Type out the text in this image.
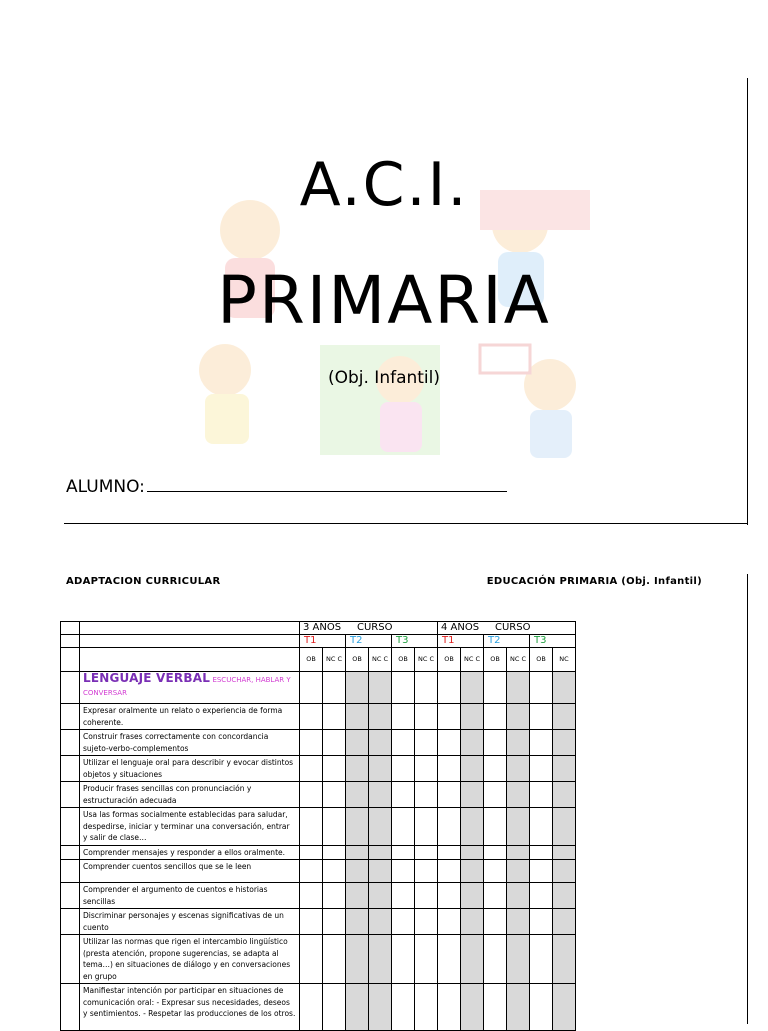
A.C.I.
PRIMARIA
(Obj. Infantil)
ALUMNO:
ADAPTACION CURRICULAR	EDUCACIÓN PRIMARIA (Obj. Infantil)
		3 AÑOS CURSO						4 AÑOS CURSO					
		T1		T2		T3		T1		T2		T3	
		OB	NC C	OB	NC C	OB	NC C	OB	NC C	OB	NC C	OB	NC
	LENGUAJE VERBAL ESCUCHAR, HABLAR Y CONVERSAR												
	Expresar oralmente un relato o experiencia de forma coherente.												
	Construir frases correctamente con concordancia sujeto-verbo-complementos												
	Utilizar el lenguaje oral para describir y evocar distintos objetos y situaciones												
	Producir frases sencillas con pronunciación y estructuración adecuada												
	Usa las formas socialmente establecidas para saludar, despedirse, iniciar y terminar una conversación, entrar y salir de clase…												
	Comprender mensajes y responder a ellos oralmente.												
	Comprender cuentos sencillos que se le leen												
	Comprender el argumento de cuentos e historias sencillas												
	Discriminar personajes y escenas significativas de un cuento												
	Utilizar las normas que rigen el intercambio lingüístico (presta atención, propone sugerencias, se adapta al tema…) en situaciones de diálogo y en conversaciones en grupo												
	Manifiestar intención por participar en situaciones de comunicación oral: - Expresar sus necesidades, deseos y sentimientos. - Respetar las producciones de los otros.												
